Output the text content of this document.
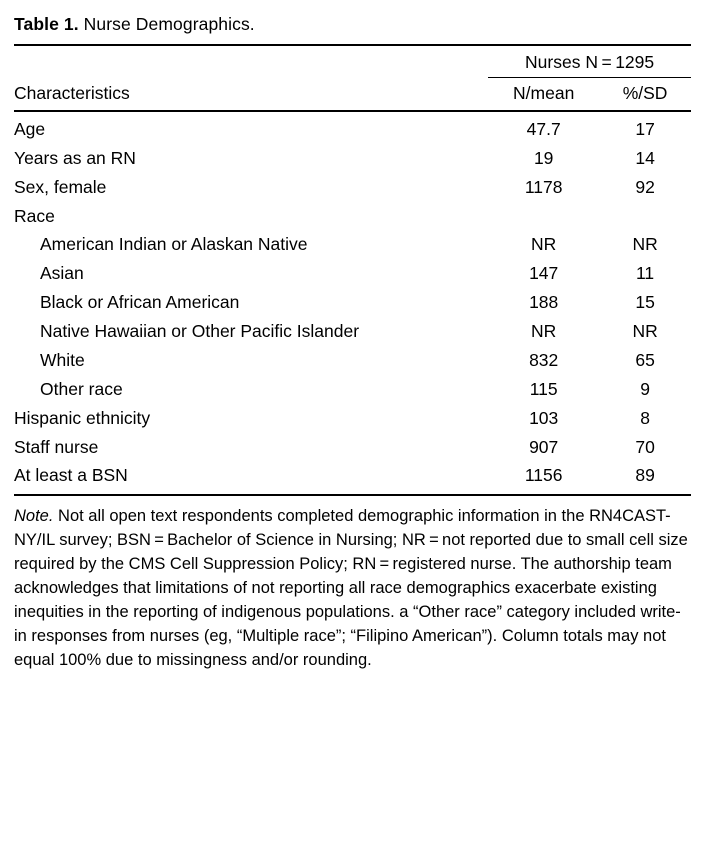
Table 1. Nurse Demographics.
	Nurses N = 1295	
Characteristics	N/mean	%/SD
Age	47.7	17
Years as an RN	19	14
Sex, female	1178	92
Race		
American Indian or Alaskan Native	NR	NR
Asian	147	11
Black or African American	188	15
Native Hawaiian or Other Pacific Islander	NR	NR
White	832	65
Other race	115	9
Hispanic ethnicity	103	8
Staff nurse	907	70
At least a BSN	1156	89
Note. Not all open text respondents completed demographic information in the RN4CAST-NY/IL survey; BSN = Bachelor of Science in Nursing; NR = not reported due to small cell size required by the CMS Cell Suppression Policy; RN = registered nurse. The authorship team acknowledges that limitations of not reporting all race demographics exacerbate existing inequities in the reporting of indigenous populations. a “Other race” category included write-in responses from nurses (eg, “Multiple race”; “Filipino American”). Column totals may not equal 100% due to missingness and/or rounding.
